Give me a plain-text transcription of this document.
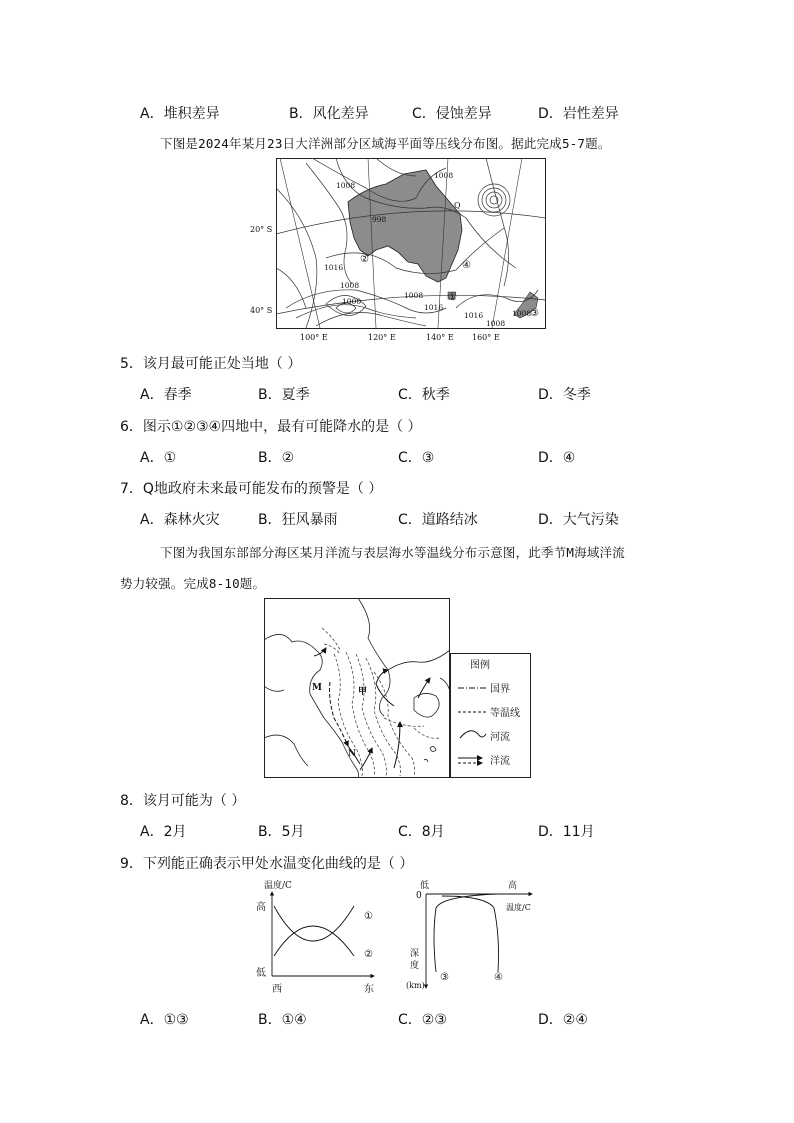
A．堆积差异	B．风化差异	C．侵蚀差异	D．岩性差异
下图是2024年某月23日大洋洲部分区域海平面等压线分布图。据此完成5-7题。
1008
1008
998
1016
1008
1000
1008
1016
1016
1008
1008
②
④
①
③
Q
100° E	120° E	140° E 160° E
20° S
40° S
5．该月最可能正处当地（ ）
A．春季	B．夏季	C．秋季	D．冬季
6．图示①②③④四地中，最有可能降水的是（ ）
A．①	B．②	C．③	D．④
7．Q地政府未来最可能发布的预警是（ ）
A．森林火灾	B．狂风暴雨	C．道路结冰	D．大气污染
下图为我国东部部分海区某月洋流与表层海水等温线分布示意图，此季节M海域洋流
势力较强。完成8-10题。
M	甲
N
图例
国界
等温线
河流
洋流
8．该月可能为（ ）
A．2月	B．5月	C．8月	D．11月
9．下列能正确表示甲处水温变化曲线的是（ ）
温度/C
高
低
西	东
①
②
低	高
0
温度/C
深
度
(km)
③	④
A．①③	B．①④	C．②③	D．②④
